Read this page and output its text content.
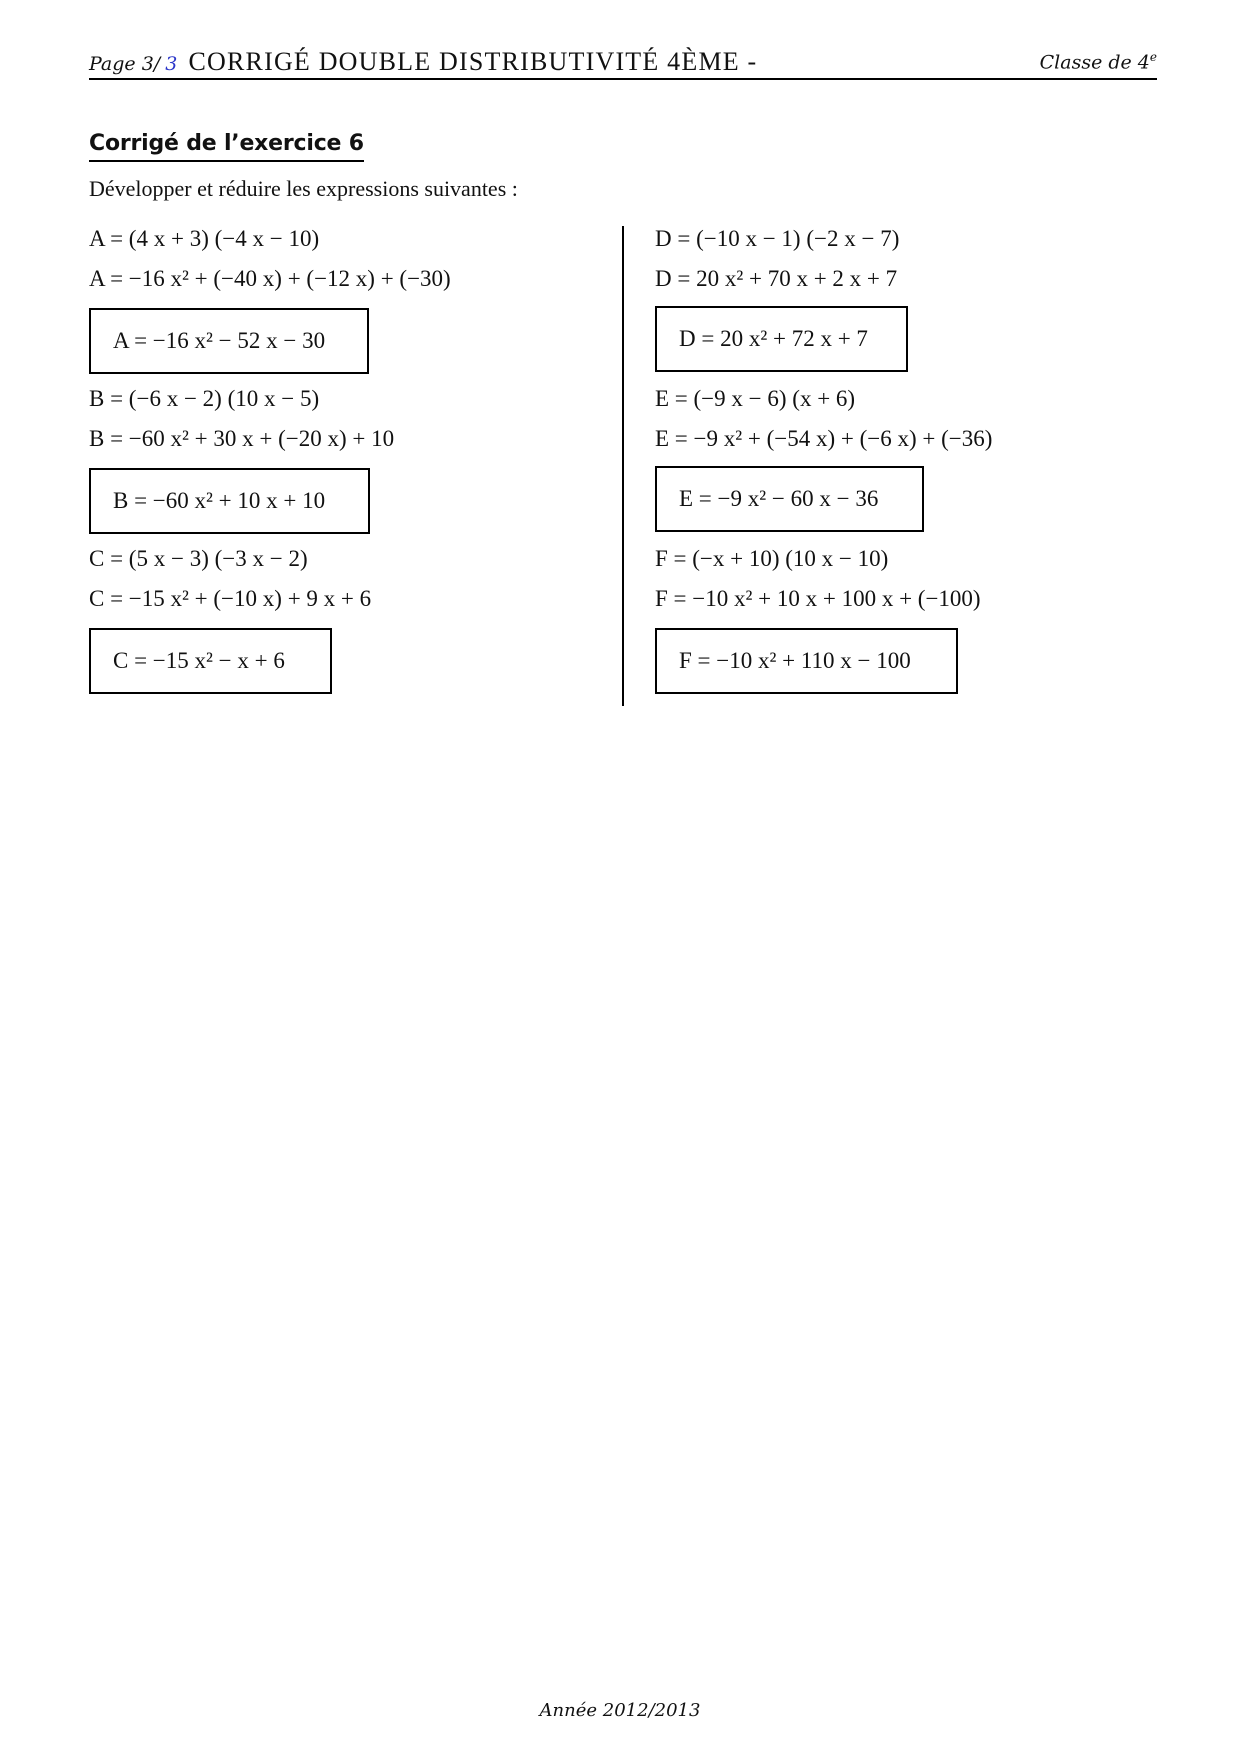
Page 3/ 3 CORRIGÉ DOUBLE DISTRIBUTIVITÉ 4ÈME -	Classe de 4e
Corrigé de l’exercice 6
Développer et réduire les expressions suivantes :
A = (4 x + 3) (−4 x − 10)
A = −16 x² + (−40 x) + (−12 x) + (−30)
A = −16 x² − 52 x − 30
B = (−6 x − 2) (10 x − 5)
B = −60 x² + 30 x + (−20 x) + 10
B = −60 x² + 10 x + 10
C = (5 x − 3) (−3 x − 2)
C = −15 x² + (−10 x) + 9 x + 6
C = −15 x² − x + 6
D = (−10 x − 1) (−2 x − 7)
D = 20 x² + 70 x + 2 x + 7
D = 20 x² + 72 x + 7
E = (−9 x − 6) (x + 6)
E = −9 x² + (−54 x) + (−6 x) + (−36)
E = −9 x² − 60 x − 36
F = (−x + 10) (10 x − 10)
F = −10 x² + 10 x + 100 x + (−100)
F = −10 x² + 110 x − 100
Année 2012/2013
